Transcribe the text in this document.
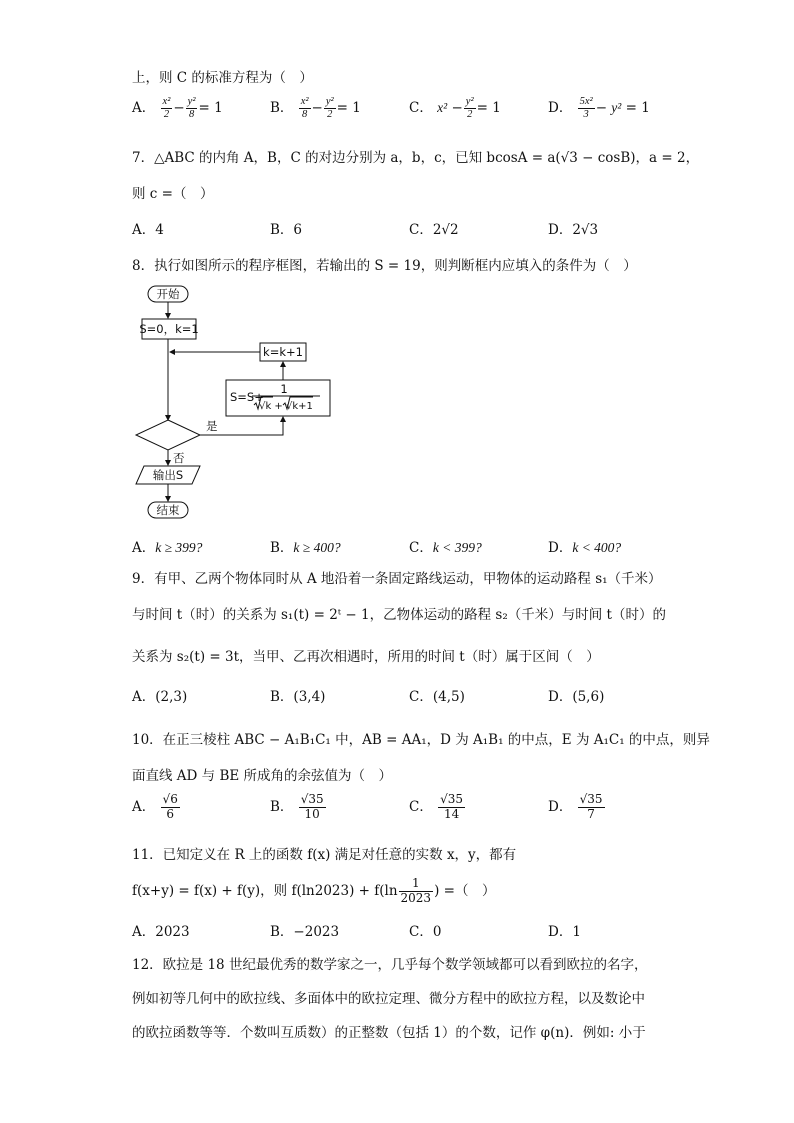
上，则 C 的标准方程为（　）
A． $\frac{\text{x²}}{2} - \frac{\text{y²}}{8} = 1$	B． $\frac{\text{x²}}{8} - \frac{\text{y²}}{2} = 1$	C． $x^2 - \frac{\text{y²}}{2} = 1$	D． $\frac{\text{5x²}}{3} - y^2 = 1$
7．△ABC 的内角 A，B，C 的对边分别为 a，b，c，已知 bcosA = a(√3 − cosB)，a = 2，
则 c =（　）
A．4	B．6	C．2√2	D．2√3
8．执行如图所示的程序框图，若输出的 S = 19，则判断框内应填入的条件为（　）
开始
S=0，k=1
k=k+1
S=S+
1
√k + √k+1
是
否
输出S
结束
A．k ≥ 399?	B．k ≥ 400?	C．k < 399?	D．k < 400?
9．有甲、乙两个物体同时从 A 地沿着一条固定路线运动，甲物体的运动路程 s₁（千米）
与时间 t（时）的关系为 s₁(t) = 2ᵗ − 1，乙物体运动的路程 s₂（千米）与时间 t（时）的
关系为 s₂(t) = 3t，当甲、乙再次相遇时，所用的时间 t（时）属于区间（　）
A．(2,3)	B．(3,4)	C．(4,5)	D．(5,6)
10．在正三棱柱 ABC − A₁B₁C₁ 中，AB = AA₁，D 为 A₁B₁ 的中点，E 为 A₁C₁ 的中点，则异
面直线 AD 与 BE 所成角的余弦值为（　）
A． $\frac{√6}{6}$	B． $\frac{√35}{10}$	C． $\frac{√35}{14}$	D． $\frac{√35}{7}$
11．已知定义在 R 上的函数 f(x) 满足对任意的实数 x，y，都有
f(x+y) = f(x) + f(y)，则 $f(\ln 2023) + f(\ln \frac{1}{2023}$ ) =（　）
A．2023	B．−2023	C．0	D．1
12．欧拉是 18 世纪最优秀的数学家之一，几乎每个数学领域都可以看到欧拉的名字，
例如初等几何中的欧拉线、多面体中的欧拉定理、微分方程中的欧拉方程，以及数论中
的欧拉函数等等．个数叫互质数）的正整数（包括 1）的个数，记作 φ(n)．例如: 小于
